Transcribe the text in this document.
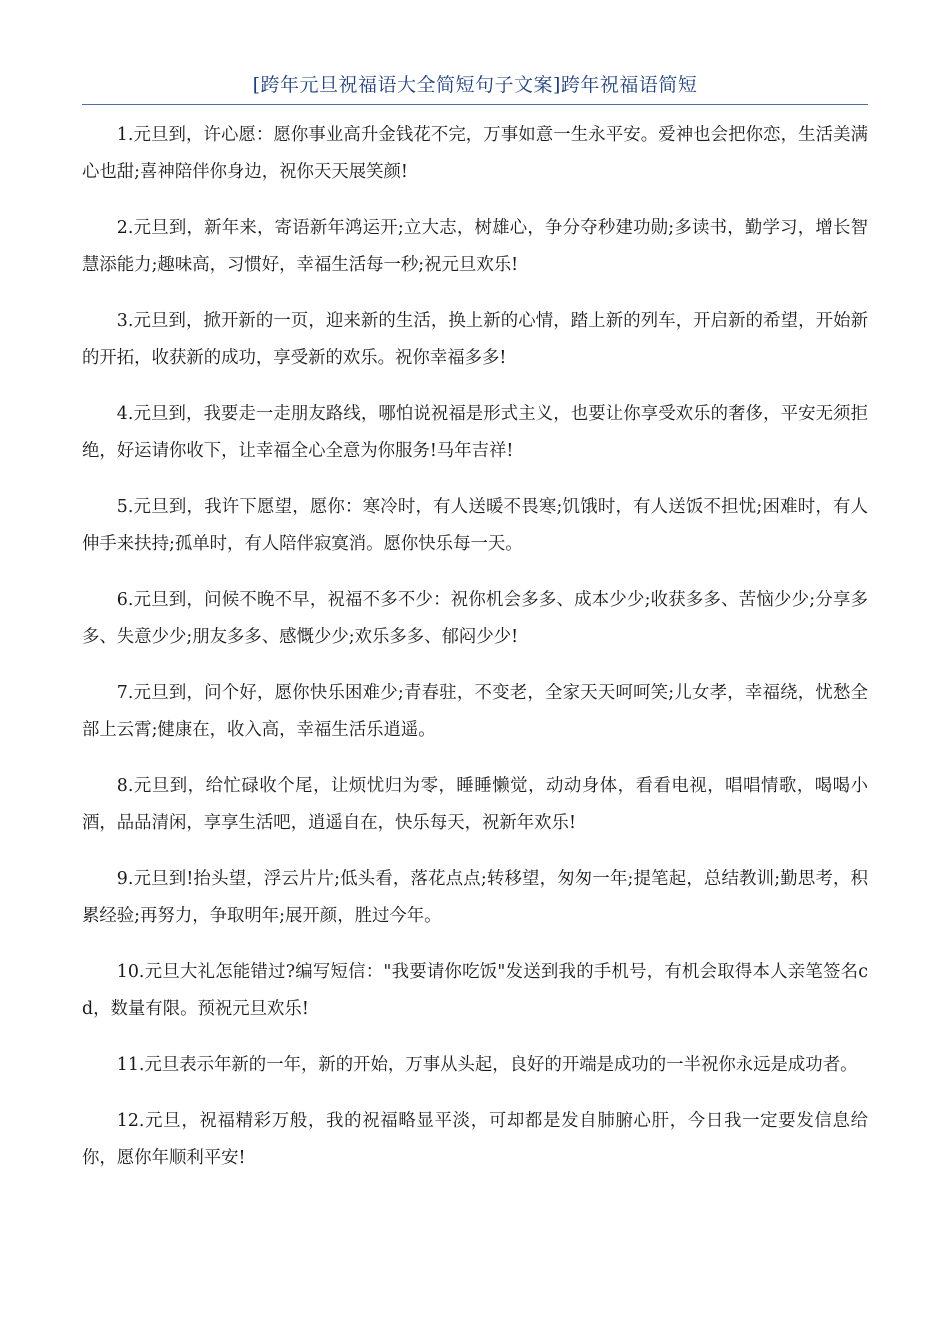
[跨年元旦祝福语大全简短句子文案]跨年祝福语简短

1.元旦到，许心愿：愿你事业高升金钱花不完，万事如意一生永平安。爱神也会把你恋，生活美满心也甜;喜神陪伴你身边，祝你天天展笑颜!

2.元旦到，新年来，寄语新年鸿运开;立大志，树雄心，争分夺秒建功勋;多读书，勤学习，增长智慧添能力;趣味高，习惯好，幸福生活每一秒;祝元旦欢乐!

3.元旦到，掀开新的一页，迎来新的生活，换上新的心情，踏上新的列车，开启新的希望，开始新的开拓，收获新的成功，享受新的欢乐。祝你幸福多多!

4.元旦到，我要走一走朋友路线，哪怕说祝福是形式主义，也要让你享受欢乐的奢侈，平安无须拒绝，好运请你收下，让幸福全心全意为你服务!马年吉祥!

5.元旦到，我许下愿望，愿你：寒冷时，有人送暖不畏寒;饥饿时，有人送饭不担忧;困难时，有人伸手来扶持;孤单时，有人陪伴寂寞消。愿你快乐每一天。

6.元旦到，问候不晚不早，祝福不多不少：祝你机会多多、成本少少;收获多多、苦恼少少;分享多多、失意少少;朋友多多、感慨少少;欢乐多多、郁闷少少!

7.元旦到，问个好，愿你快乐困难少;青春驻，不变老，全家天天呵呵笑;儿女孝，幸福绕，忧愁全部上云霄;健康在，收入高，幸福生活乐逍遥。

8.元旦到，给忙碌收个尾，让烦忧归为零，睡睡懒觉，动动身体，看看电视，唱唱情歌，喝喝小酒，品品清闲，享享生活吧，逍遥自在，快乐每天，祝新年欢乐!

9.元旦到!抬头望，浮云片片;低头看，落花点点;转移望，匆匆一年;提笔起，总结教训;勤思考，积累经验;再努力，争取明年;展开颜，胜过今年。

10.元旦大礼怎能错过?编写短信："我要请你吃饭"发送到我的手机号，有机会取得本人亲笔签名cd，数量有限。预祝元旦欢乐!

11.元旦表示年新的一年，新的开始，万事从头起，良好的开端是成功的一半祝你永远是成功者。

12.元旦，祝福精彩万般，我的祝福略显平淡，可却都是发自肺腑心肝，今日我一定要发信息给你，愿你年顺利平安!
